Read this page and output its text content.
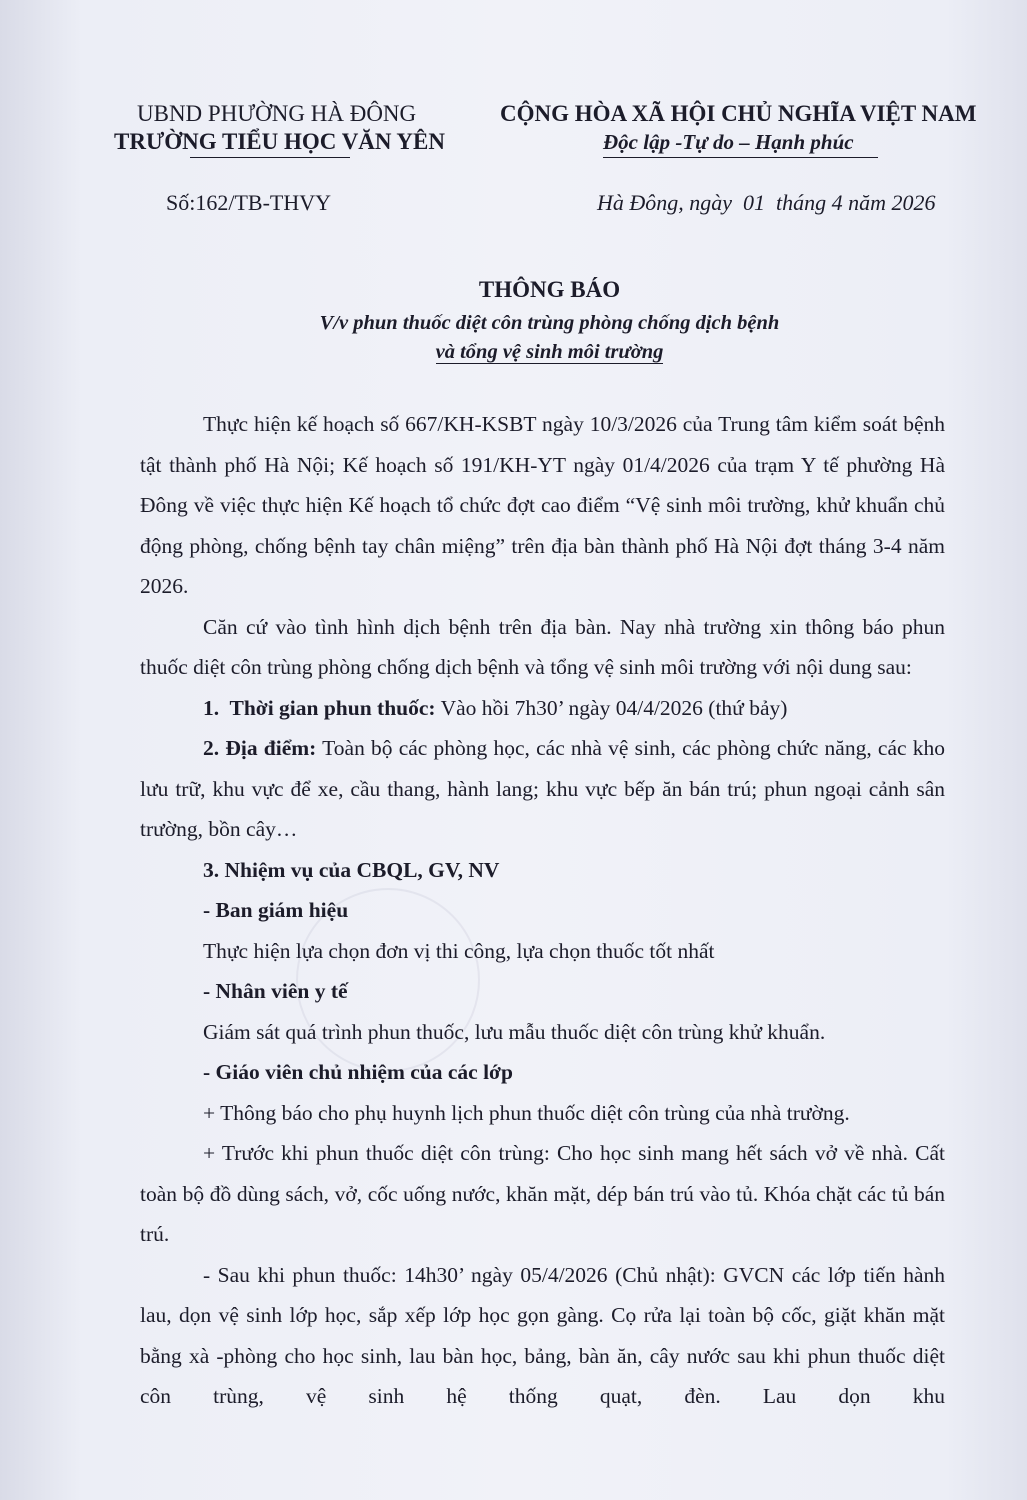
UBND PHƯỜNG HÀ ĐÔNG
TRƯỜNG TIỂU HỌC VĂN YÊN
CỘNG HÒA XÃ HỘI CHỦ NGHĨA VIỆT NAM
Độc lập -Tự do – Hạnh phúc
Số:162/TB-THVY	Hà Đông, ngày  01  tháng 4 năm 2026
THÔNG BÁO
V/v phun thuốc diệt côn trùng phòng chống dịch bệnh
và tổng vệ sinh môi trường

Thực hiện kế hoạch số 667/KH-KSBT ngày 10/3/2026 của Trung tâm kiểm soát bệnh tật thành phố Hà Nội; Kế hoạch số 191/KH-YT ngày 01/4/2026 của trạm Y tế phường Hà Đông về việc thực hiện Kế hoạch tổ chức đợt cao điểm “Vệ sinh môi trường, khử khuẩn chủ động phòng, chống bệnh tay chân miệng” trên địa bàn thành phố Hà Nội đợt tháng 3-4 năm 2026.

Căn cứ vào tình hình dịch bệnh trên địa bàn. Nay nhà trường xin thông báo phun thuốc diệt côn trùng phòng chống dịch bệnh và tổng vệ sinh môi trường với nội dung sau:

1.  Thời gian phun thuốc: Vào hồi 7h30’ ngày 04/4/2026 (thứ bảy)

2. Địa điểm: Toàn bộ các phòng học, các nhà vệ sinh, các phòng chức năng, các kho lưu trữ, khu vực để xe, cầu thang, hành lang; khu vực bếp ăn bán trú; phun ngoại cảnh sân trường, bồn cây…

3. Nhiệm vụ của CBQL, GV, NV

- Ban giám hiệu

Thực hiện lựa chọn đơn vị thi công, lựa chọn thuốc tốt nhất

- Nhân viên y tế

Giám sát quá trình phun thuốc, lưu mẫu thuốc diệt côn trùng khử khuẩn.

- Giáo viên chủ nhiệm của các lớp

+ Thông báo cho phụ huynh lịch phun thuốc diệt côn trùng của nhà trường.

+ Trước khi phun thuốc diệt côn trùng: Cho học sinh mang hết sách vở về nhà. Cất toàn bộ đồ dùng sách, vở, cốc uống nước, khăn mặt, dép bán trú vào tủ. Khóa chặt các tủ bán trú.

- Sau khi phun thuốc: 14h30’ ngày 05/4/2026 (Chủ nhật): GVCN các lớp tiến hành lau, dọn vệ sinh lớp học, sắp xếp lớp học gọn gàng. Cọ rửa lại toàn bộ cốc, giặt khăn mặt bằng xà -phòng cho học sinh, lau bàn học, bảng, bàn ăn, cây nước sau khi phun thuốc diệt côn trùng, vệ sinh hệ thống quạt, đèn. Lau dọn khu
